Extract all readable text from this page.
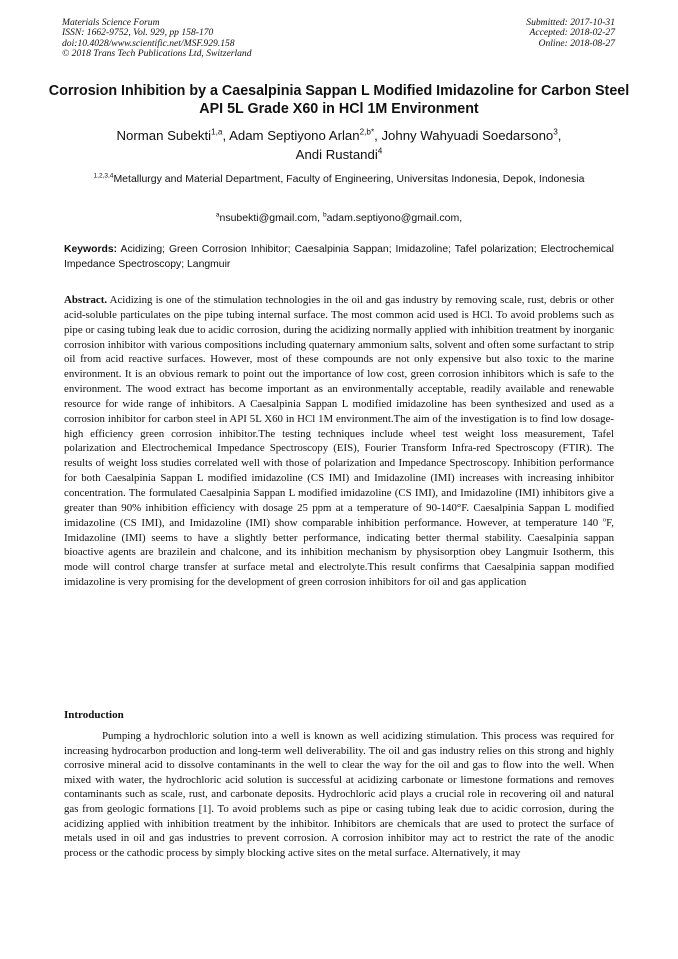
Materials Science Forum
ISSN: 1662-9752, Vol. 929, pp 158-170
doi:10.4028/www.scientific.net/MSF.929.158
© 2018 Trans Tech Publications Ltd, Switzerland
Submitted: 2017-10-31
Accepted: 2018-02-27
Online: 2018-08-27
Corrosion Inhibition by a Caesalpinia Sappan L Modified Imidazoline for Carbon Steel API 5L Grade X60 in HCl 1M Environment
Norman Subekti$^{1,a}$, Adam Septiyono Arlan$^{2,b*}$, Johny Wahyuadi Soedarsono$^3$,
Andi Rustandi$^4$
$^{1,2,3,4}$Metallurgy and Material Department, Faculty of Engineering, Universitas Indonesia, Depok, Indonesia
$^a$nsubekti@gmail.com, $^b$adam.septiyono@gmail.com,
Keywords: Acidizing; Green Corrosion Inhibitor; Caesalpinia Sappan; Imidazoline; Tafel polarization; Electrochemical Impedance Spectroscopy; Langmuir
Abstract. Acidizing is one of the stimulation technologies in the oil and gas industry by removing scale, rust, debris or other acid-soluble particulates on the pipe tubing internal surface. The most common acid used is HCl. To avoid problems such as pipe or casing tubing leak due to acidic corrosion, during the acidizing normally applied with inhibition treatment by inorganic corrosion inhibitor with various compositions including quaternary ammonium salts, solvent and often some surfactant to strip oil from acid reactive surfaces. However, most of these compounds are not only expensive but also toxic to the marine environment. It is an obvious remark to point out the importance of low cost, green corrosion inhibitors which is safe to the environment. The wood extract has become important as an environmentally acceptable, readily available and renewable resource for wide range of inhibitors. A Caesalpinia Sappan L modified imidazoline has been synthesized and used as a corrosion inhibitor for carbon steel in API 5L X60 in HCl 1M environment.The aim of the investigation is to find low dosage-high efficiency green corrosion inhibitor.The testing techniques include wheel test weight loss measurement, Tafel polarization and Electrochemical Impedance Spectroscopy (EIS), Fourier Transform Infra-red Spectroscopy (FTIR). The results of weight loss studies correlated well with those of polarization and Impedance Spectroscopy. Inhibition performance for both Caesalpinia Sappan L modified imidazoline (CS IMI) and Imidazoline (IMI) increases with increasing inhibitor concentration. The formulated Caesalpinia Sappan L modified imidazoline (CS IMI), and Imidazoline (IMI) inhibitors give a greater than 90% inhibition efficiency with dosage 25 ppm at a temperature of 90-140°F. Caesalpinia Sappan L modified imidazoline (CS IMI), and Imidazoline (IMI) show comparable inhibition performance. However, at temperature 140 $^o$F, Imidazoline (IMI) seems to have a slightly better performance, indicating better thermal stability. Caesalpinia sappan bioactive agents are brazilein and chalcone, and its inhibition mechanism by physisorption obey Langmuir Isotherm, this mode will control charge transfer at surface metal and electrolyte.This result confirms that Caesalpinia sappan modified imidazoline is very promising for the development of green corrosion inhibitors for oil and gas application
Introduction
Pumping a hydrochloric solution into a well is known as well acidizing stimulation. This process was required for increasing hydrocarbon production and long-term well deliverability. The oil and gas industry relies on this strong and highly corrosive mineral acid to dissolve contaminants in the well to clear the way for the oil and gas to flow into the well. When mixed with water, the hydrochloric acid solution is successful at acidizing carbonate or limestone formations and removes contaminants such as scale, rust, and carbonate deposits. Hydrochloric acid plays a crucial role in recovering oil and natural gas from geologic formations [1]. To avoid problems such as pipe or casing tubing leak due to acidic corrosion, during the acidizing applied with inhibition treatment by the inhibitor. Inhibitors are chemicals that are used to protect the surface of metals used in oil and gas industries to prevent corrosion. A corrosion inhibitor may act to restrict the rate of the anodic process or the cathodic process by simply blocking active sites on the metal surface. Alternatively, it may
